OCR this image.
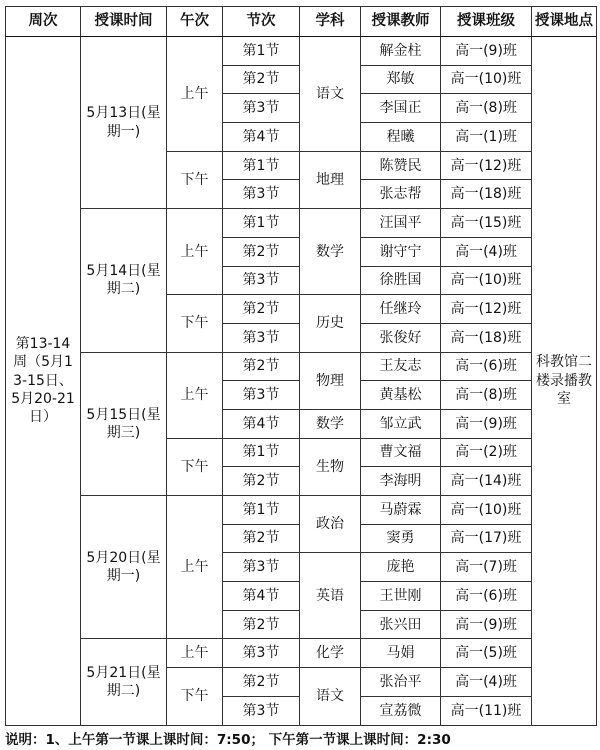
周次	授课时间	午次	节次	学科	授课教师	授课班级	授课地点
第13-14周（5月13-15日、5月20-21日）	5月13日(星期一)	上午	第1节	语文	解金柱	高一(9)班	科教馆二楼录播教室
			第2节		郑敏	高一(10)班	
			第3节		李国正	高一(8)班	
			第4节		程曦	高一(1)班	
		下午	第1节	地理	陈赞民	高一(12)班	
			第3节		张志帮	高一(18)班	
	5月14日(星期二)	上午	第1节	数学	汪国平	高一(15)班	
			第2节		谢守宁	高一(4)班	
			第3节		徐胜国	高一(10)班	
		下午	第2节	历史	任继玲	高一(12)班	
			第3节		张俊好	高一(18)班	
	5月15日(星期三)	上午	第2节	物理	王友志	高一(6)班	
			第3节		黄基松	高一(8)班	
			第4节	数学	邹立武	高一(9)班	
		下午	第1节	生物	曹文福	高一(2)班	
			第2节		李海明	高一(14)班	
	5月20日(星期一)	上午	第1节	政治	马蔚霖	高一(10)班	
			第2节		窦勇	高一(17)班	
			第3节	英语	庞艳	高一(7)班	
			第4节		王世刚	高一(6)班	
			第2节		张兴田	高一(9)班	
	5月21日(星期二)	上午	第3节	化学	马娟	高一(5)班	
		下午	第2节	语文	张治平	高一(4)班	
			第3节		宣荔微	高一(11)班	
说明：1、上午第一节课上课时间：7:50； 下午第一节课上课时间：2:30
